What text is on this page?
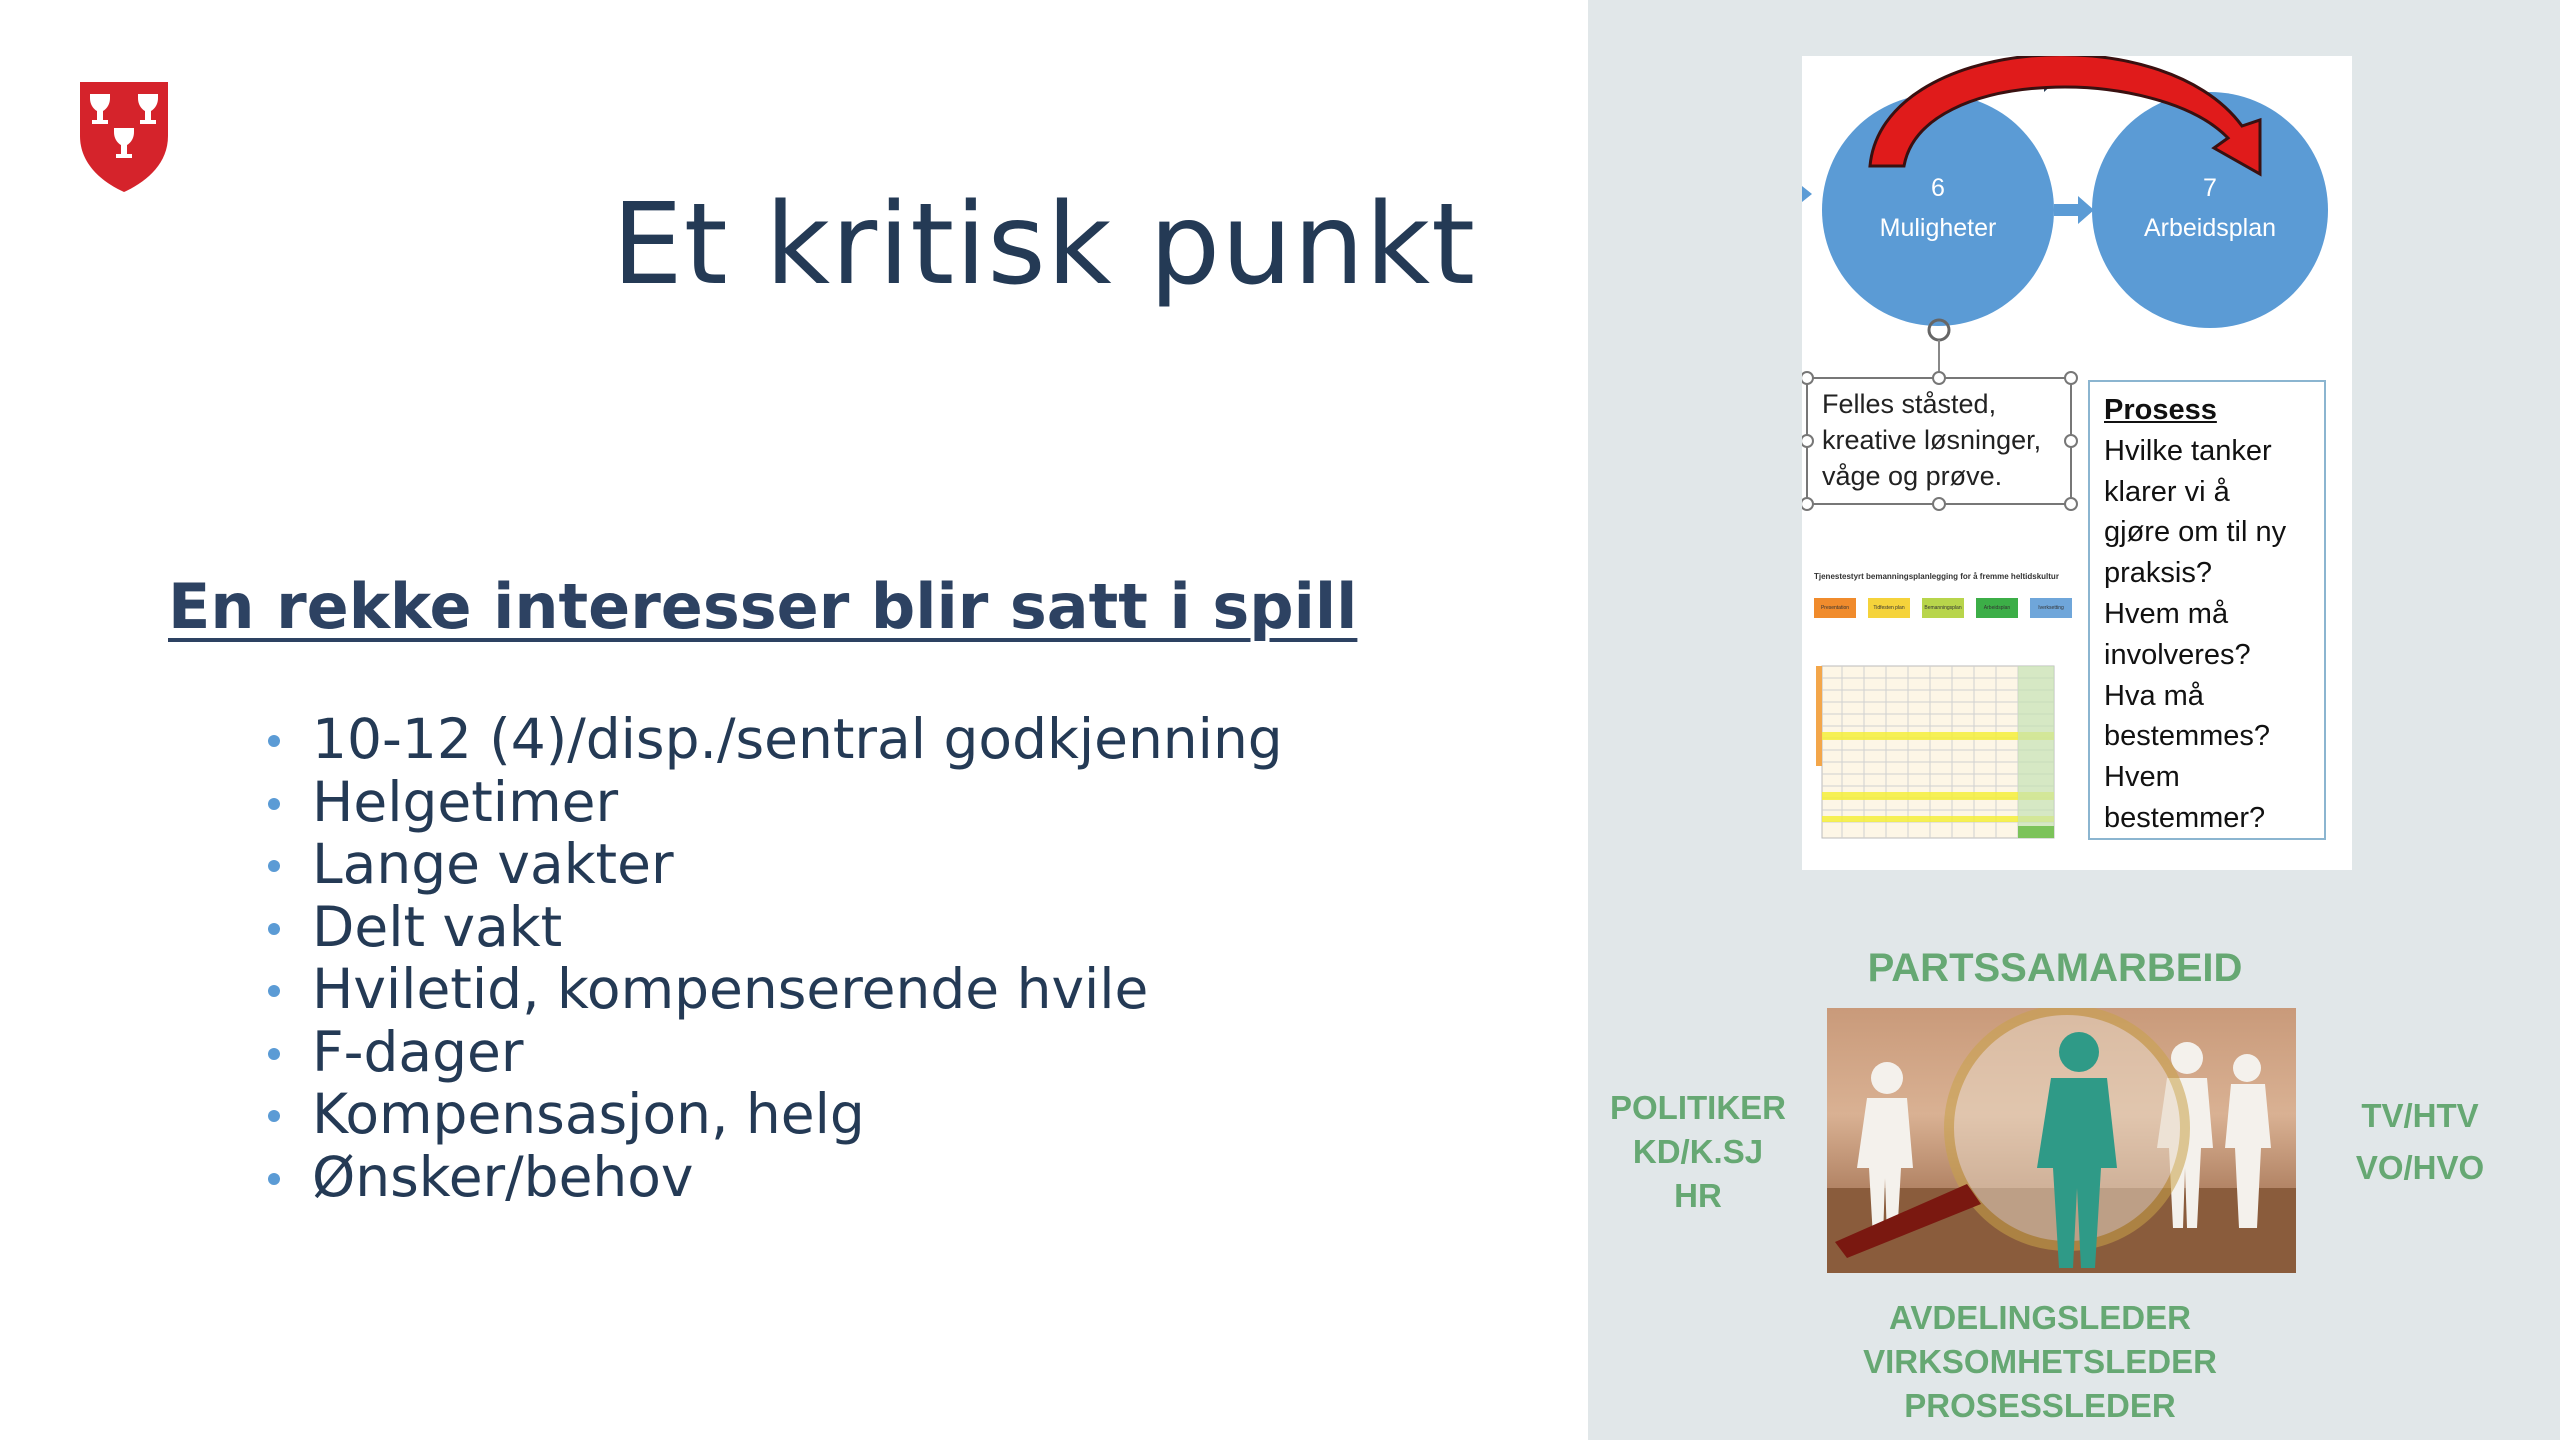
Et kritisk punkt
En rekke interesser blir satt i spill
10-12 (4)/disp./sentral godkjenning
Helgetimer
Lange vakter
Delt vakt
Hviletid, kompenserende hvile
F-dager
Kompensasjon, helg
Ønsker/behov
6
Muligheter
7
Arbeidsplan
Felles ståsted, kreative løsninger, våge og prøve.
Prosess
Hvilke tanker
klarer vi å
gjøre om til ny
praksis?
Hvem må
involveres?
Hva må
bestemmes?
Hvem
bestemmer?
Tjenestestyrt bemanningsplanlegging for å fremme heltidskultur
Presentation	Tidfesten plan	Bemanningsplan	Arbeidsplan	Iverksetting
PARTSSAMARBEID
POLITIKER
KD/K.SJ
HR
TV/HTV
VO/HVO
AVDELINGSLEDER
VIRKSOMHETSLEDER
PROSESSLEDER
